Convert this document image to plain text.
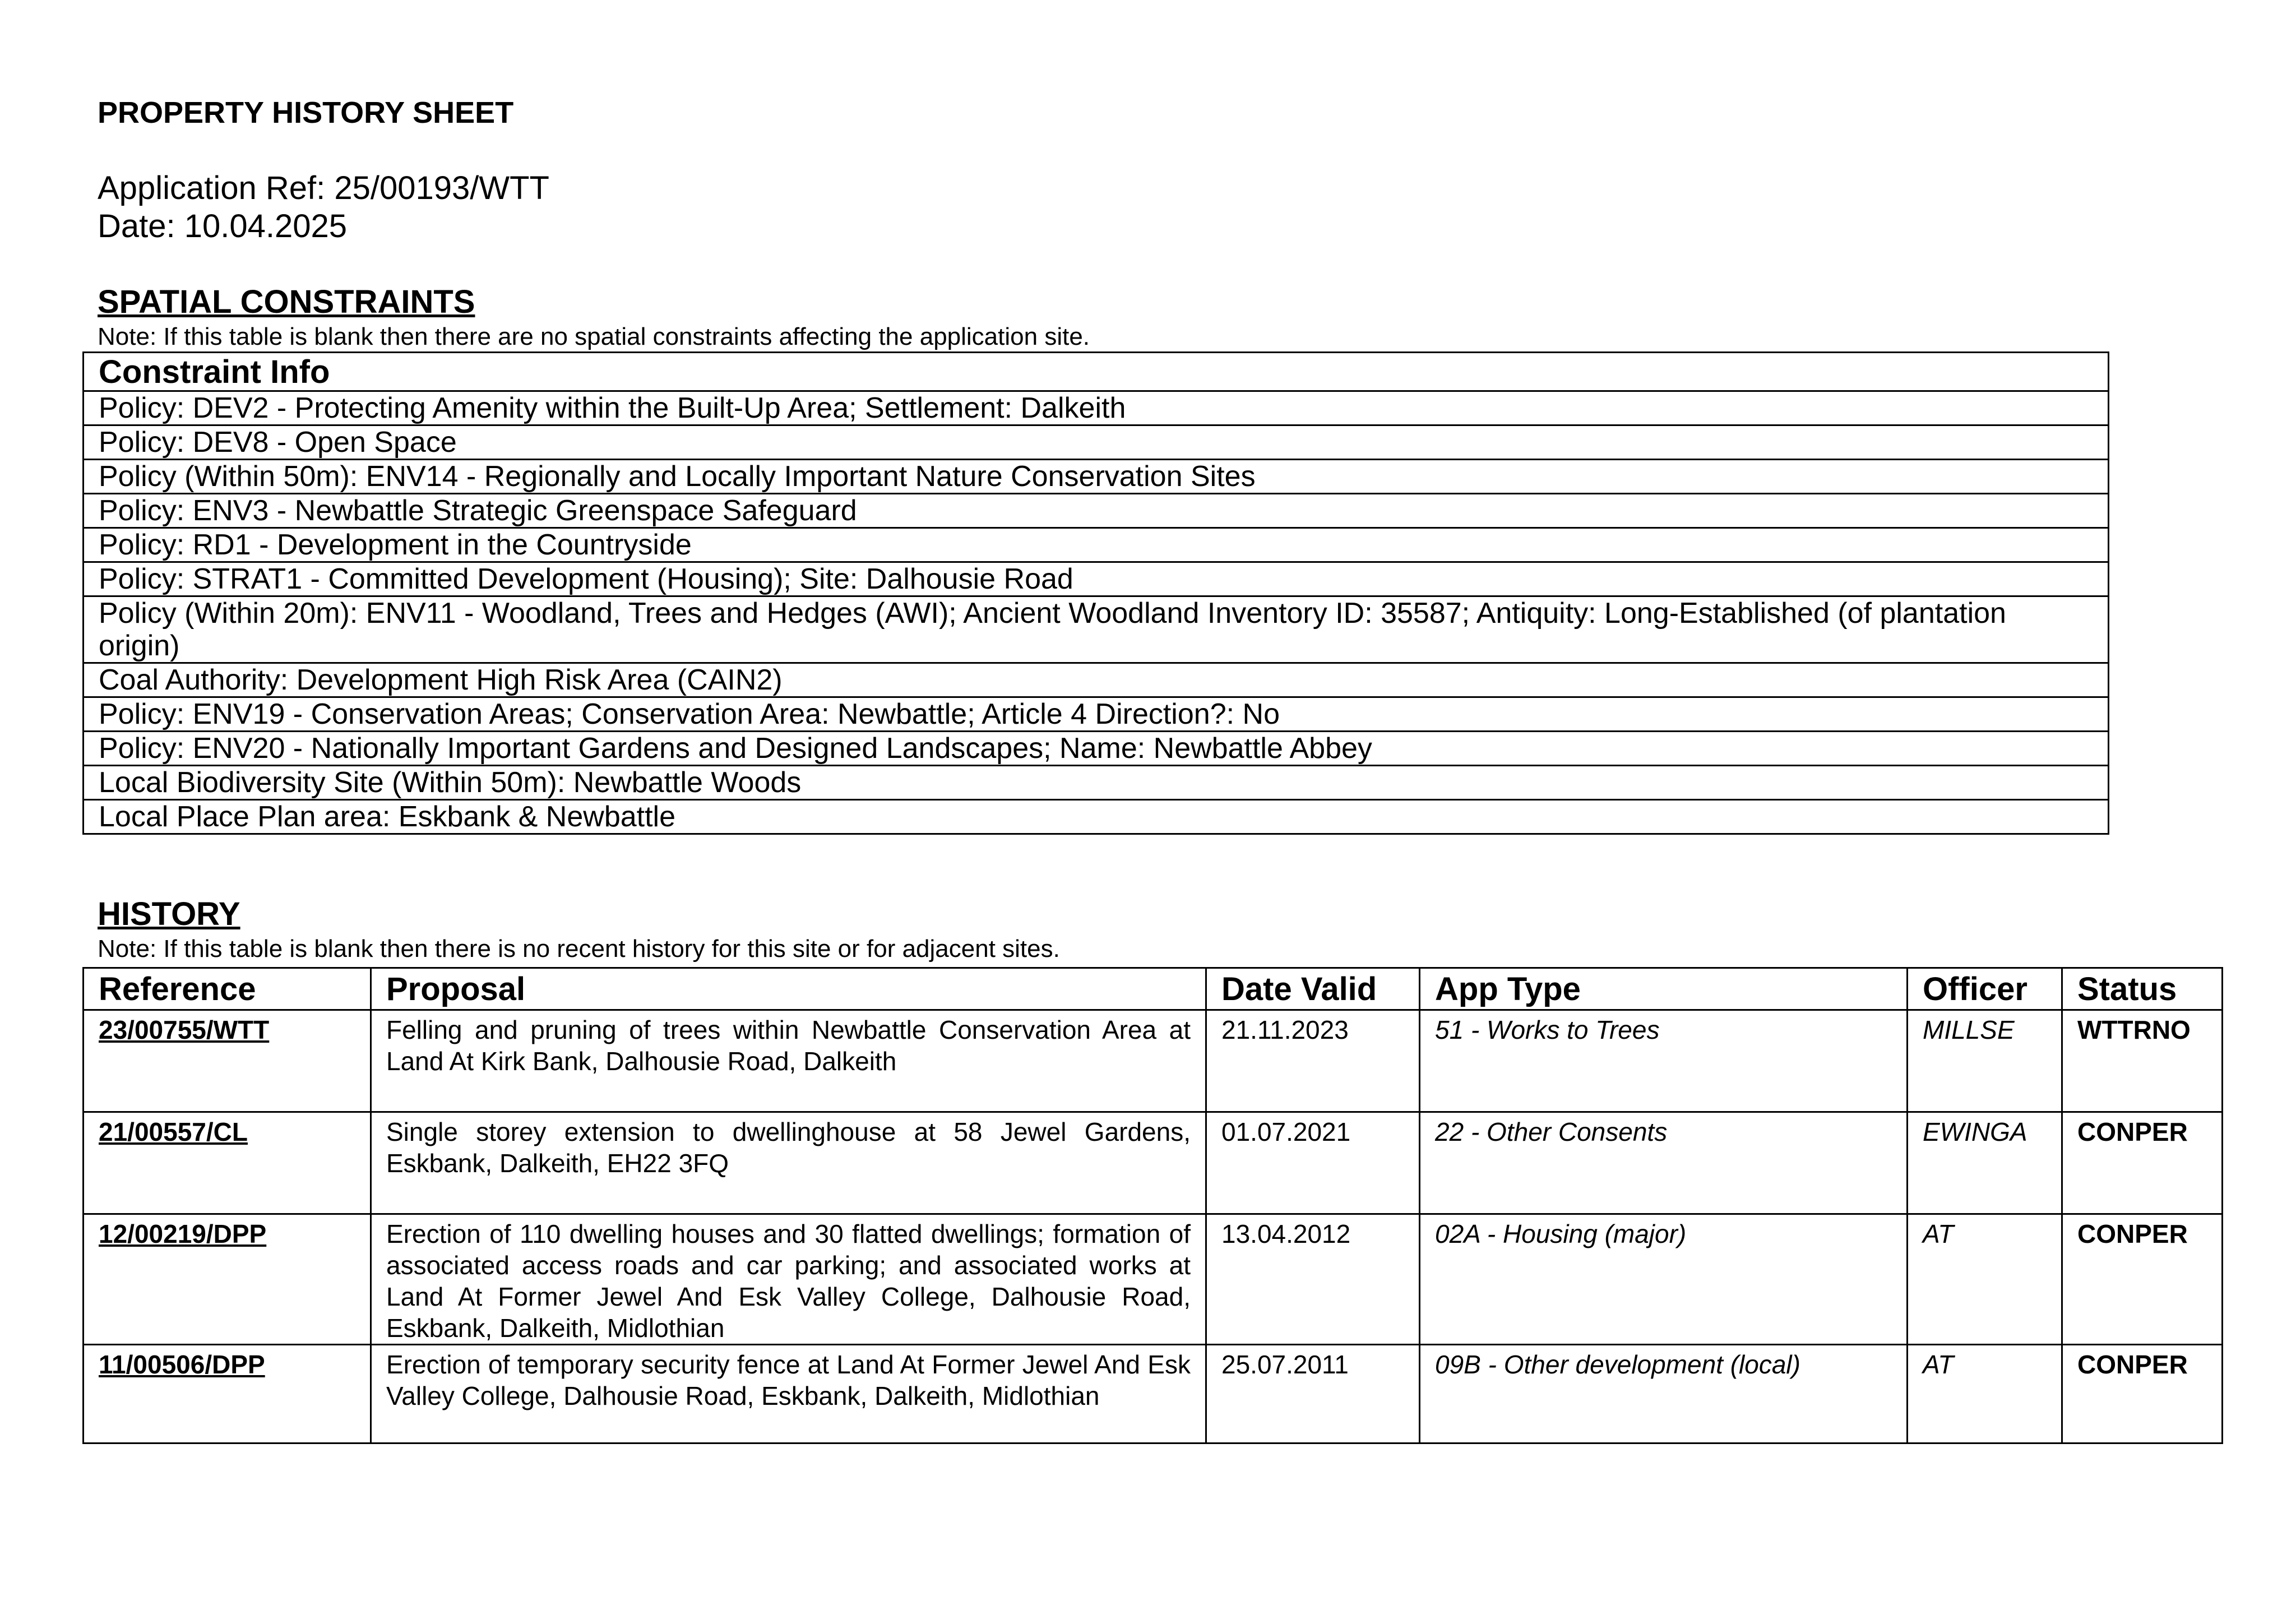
PROPERTY HISTORY SHEET
Application Ref: 25/00193/WTT
Date: 10.04.2025
SPATIAL CONSTRAINTS
Note: If this table is blank then there are no spatial constraints affecting the application site.
Constraint Info
Policy: DEV2 - Protecting Amenity within the Built-Up Area; Settlement: Dalkeith
Policy: DEV8 - Open Space
Policy (Within 50m): ENV14 - Regionally and Locally Important Nature Conservation Sites
Policy: ENV3 - Newbattle Strategic Greenspace Safeguard
Policy: RD1 - Development in the Countryside
Policy: STRAT1 - Committed Development (Housing); Site: Dalhousie Road
Policy (Within 20m): ENV11 - Woodland, Trees and Hedges (AWI); Ancient Woodland Inventory ID: 35587; Antiquity: Long-Established (of plantation origin)
Coal Authority: Development High Risk Area (CAIN2)
Policy: ENV19 - Conservation Areas; Conservation Area: Newbattle; Article 4 Direction?: No
Policy: ENV20 - Nationally Important Gardens and Designed Landscapes; Name: Newbattle Abbey
Local Biodiversity Site (Within 50m): Newbattle Woods
Local Place Plan area: Eskbank & Newbattle
HISTORY
Note: If this table is blank then there is no recent history for this site or for adjacent sites.
Reference	Proposal	Date Valid	App Type	Officer	Status
23/00755/WTT	Felling and pruning of trees within Newbattle Conservation Area at Land At Kirk Bank, Dalhousie Road, Dalkeith	21.11.2023	51 - Works to Trees	MILLSE	WTTRNO
21/00557/CL	Single storey extension to dwellinghouse at 58 Jewel Gardens, Eskbank, Dalkeith, EH22 3FQ	01.07.2021	22 - Other Consents	EWINGA	CONPER
12/00219/DPP	Erection of 110 dwelling houses and 30 flatted dwellings; formation of associated access roads and car parking; and associated works at Land At Former Jewel And Esk Valley College, Dalhousie Road, Eskbank, Dalkeith, Midlothian	13.04.2012	02A - Housing (major)	AT	CONPER
11/00506/DPP	Erection of temporary security fence at Land At Former Jewel And Esk Valley College, Dalhousie Road, Eskbank, Dalkeith, Midlothian	25.07.2011	09B - Other development (local)	AT	CONPER
